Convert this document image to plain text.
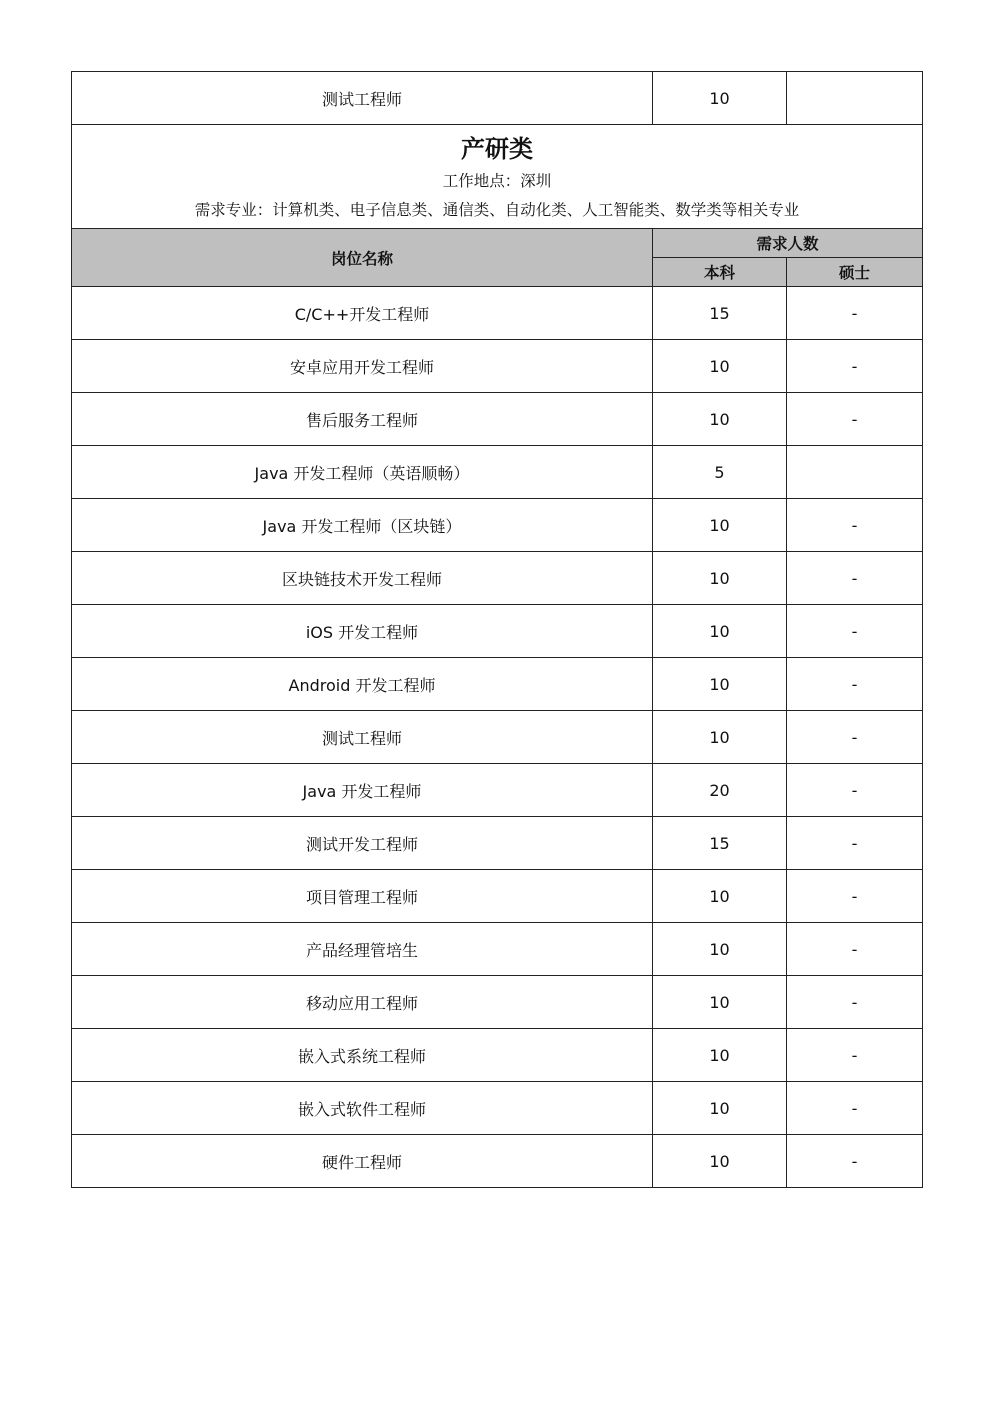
测试工程师	10	

产研类
工作地点：深圳
需求专业：计算机类、电子信息类、通信类、自动化类、人工智能类、数学类等相关专业		

岗位名称	需求人数	
	本科	硕士
C/C++开发工程师	15	-
安卓应用开发工程师	10	-
售后服务工程师	10	-
Java 开发工程师（英语顺畅）	5	
Java 开发工程师（区块链）	10	-
区块链技术开发工程师	10	-
iOS 开发工程师	10	-
Android 开发工程师	10	-
测试工程师	10	-
Java 开发工程师	20	-
测试开发工程师	15	-
项目管理工程师	10	-
产品经理管培生	10	-
移动应用工程师	10	-
嵌入式系统工程师	10	-
嵌入式软件工程师	10	-
硬件工程师	10	-
